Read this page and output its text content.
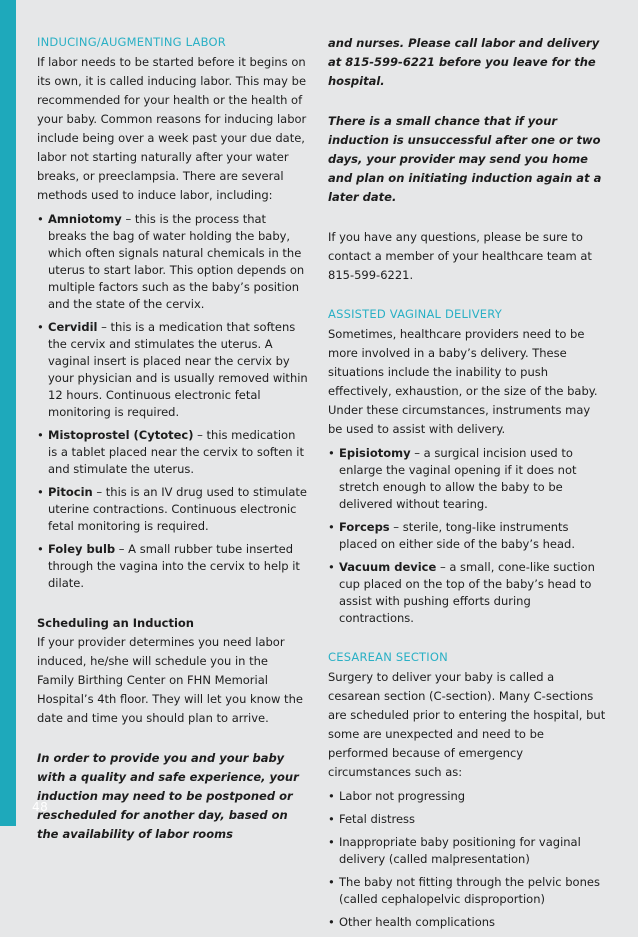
48
INDUCING/AUGMENTING LABOR

If labor needs to be started before it begins on its own, it is called inducing labor. This may be recommended for your health or the health of your baby. Common reasons for inducing labor include being over a week past your due date, labor not starting naturally after your water breaks, or preeclampsia. There are several methods used to induce labor, including:

• Amniotomy – this is the process that breaks the bag of water holding the baby, which often signals natural chemicals in the uterus to start labor. This option depends on multiple factors such as the baby’s position and the state of the cervix.
• Cervidil – this is a medication that softens the cervix and stimulates the uterus. A vaginal insert is placed near the cervix by your physician and is usually removed within 12 hours. Continuous electronic fetal monitoring is required.
• Mistoprostel (Cytotec) – this medication is a tablet placed near the cervix to soften it and stimulate the uterus.
• Pitocin – this is an IV drug used to stimulate uterine contractions. Continuous electronic fetal monitoring is required.
• Foley bulb – A small rubber tube inserted through the vagina into the cervix to help it dilate.

Scheduling an Induction

If your provider determines you need labor induced, he/she will schedule you in the Family Birthing Center on FHN Memorial Hospital’s 4th floor. They will let you know the date and time you should plan to arrive.

In order to provide you and your baby with a quality and safe experience, your induction may need to be postponed or rescheduled for another day, based on the availability of labor rooms

and nurses. Please call labor and delivery at 815-599-6221 before you leave for the hospital.

There is a small chance that if your induction is unsuccessful after one or two days, your provider may send you home and plan on initiating induction again at a later date.

If you have any questions, please be sure to contact a member of your healthcare team at 815-599-6221.

ASSISTED VAGINAL DELIVERY

Sometimes, healthcare providers need to be more involved in a baby’s delivery. These situations include the inability to push effectively, exhaustion, or the size of the baby. Under these circumstances, instruments may be used to assist with delivery.

• Episiotomy – a surgical incision used to enlarge the vaginal opening if it does not stretch enough to allow the baby to be delivered without tearing.
• Forceps – sterile, tong-like instruments placed on either side of the baby’s head.
• Vacuum device – a small, cone-like suction cup placed on the top of the baby’s head to assist with pushing efforts during contractions.
CESAREAN SECTION

Surgery to deliver your baby is called a cesarean section (C-section). Many C-sections are scheduled prior to entering the hospital, but some are unexpected and need to be performed because of emergency circumstances such as:

• Labor not progressing
• Fetal distress
• Inappropriate baby positioning for vaginal delivery (called malpresentation)
• The baby not fitting through the pelvic bones (called cephalopelvic disproportion)
• Other health complications
